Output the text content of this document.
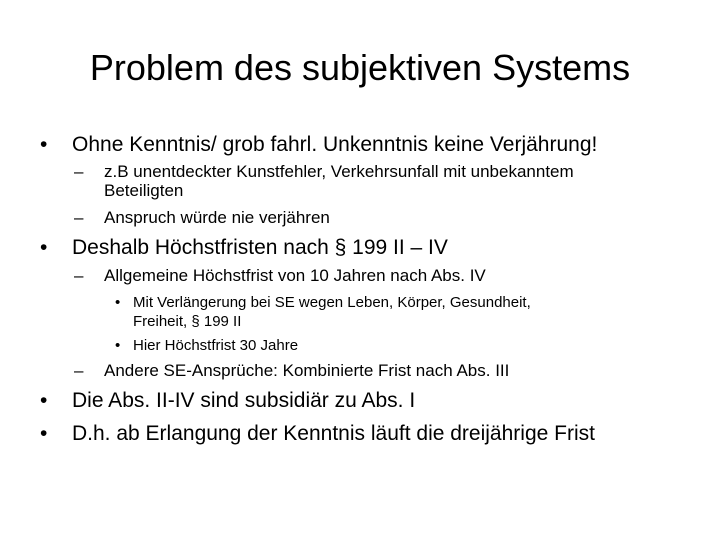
Problem des subjektiven Systems
• Ohne Kenntnis/ grob fahrl. Unkenntnis keine Verjährung!
– z.B unentdeckter Kunstfehler, Verkehrsunfall mit unbekanntem
Beteiligten
– Anspruch würde nie verjähren
• Deshalb Höchstfristen nach § 199 II – IV
– Allgemeine Höchstfrist von 10 Jahren nach Abs. IV
• Mit Verlängerung bei SE wegen Leben, Körper, Gesundheit,
Freiheit, § 199 II
• Hier Höchstfrist 30 Jahre
– Andere SE-Ansprüche: Kombinierte Frist nach Abs. III
• Die Abs. II-IV sind subsidiär zu Abs. I
• D.h. ab Erlangung der Kenntnis läuft die dreijährige Frist
